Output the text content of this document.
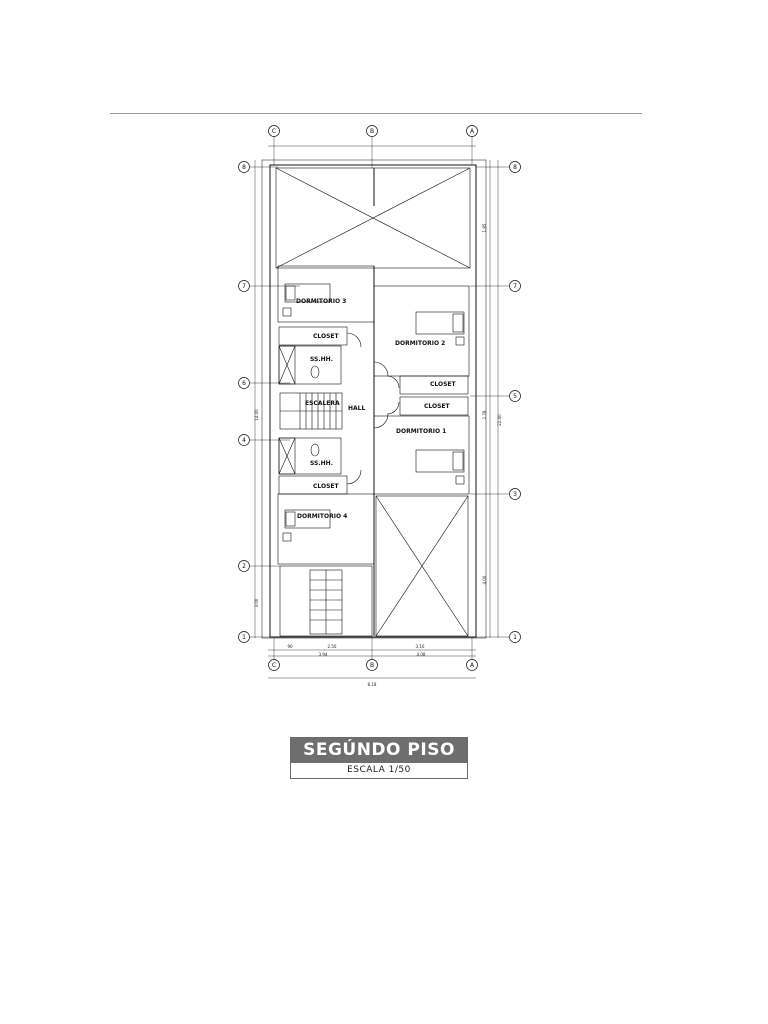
C	B	A
C	B	A
8
7
6
4
2
1
8
7
5
3
1
DORMITORIO 3
DORMITORIO 2
CLOSET
SS.HH.
CLOSET
ESCALERA	CLOSET
HALL
DORMITORIO 1
SS.HH.
CLOSET
DORMITORIO 4
90	2.50	3.10
3.94	4.08
8.18
1.85
2.78
4.00
22.00
14.00
3.00
SEGÚNDO PISO
ESCALA 1/50
